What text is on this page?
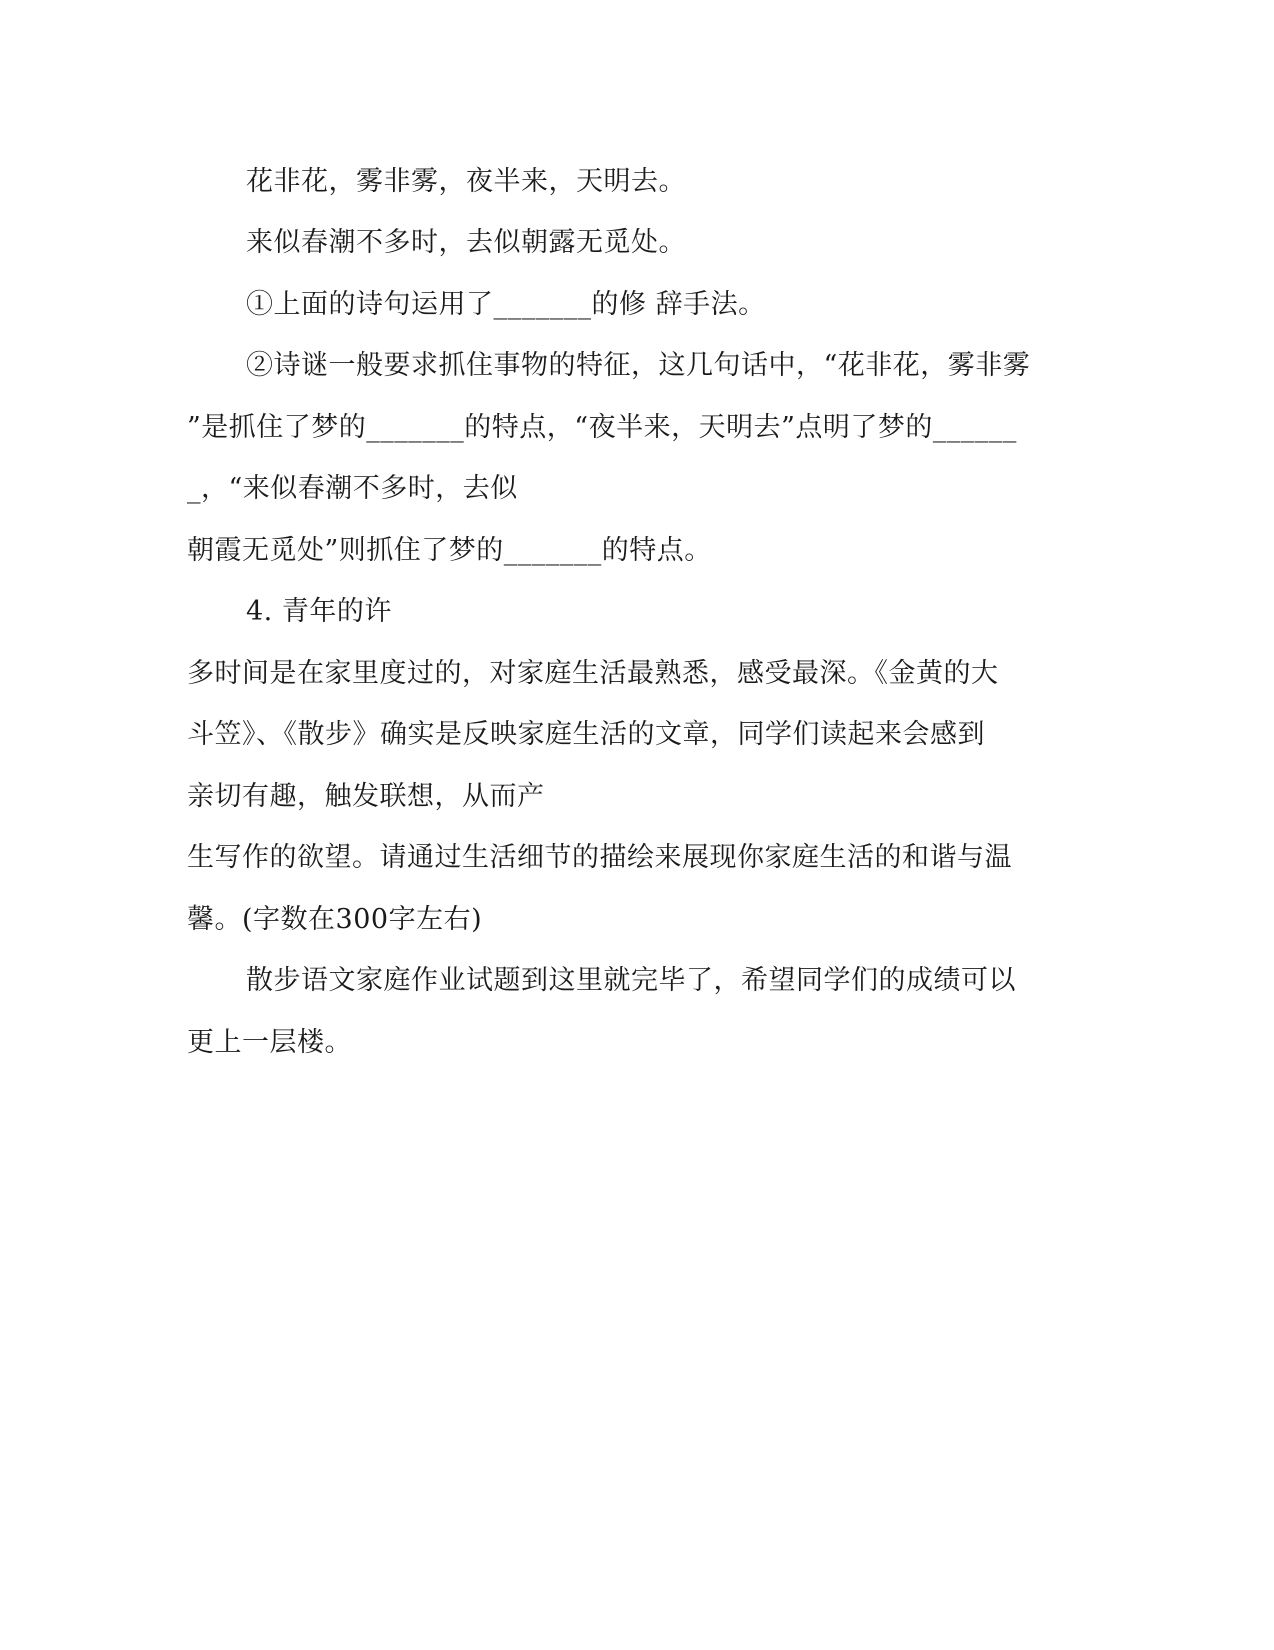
花非花，雾非雾，夜半来，天明去。
来似春潮不多时，去似朝露无觅处。
①上面的诗句运用了_______的修 辞手法。
②诗谜一般要求抓住事物的特征，这几句话中，“花非花，雾非雾
”是抓住了梦的_______的特点，“夜半来，天明去”点明了梦的______
_，“来似春潮不多时，去似
朝霞无觅处”则抓住了梦的_______的特点。
4. 青年的许
多时间是在家里度过的，对家庭生活最熟悉，感受最深。《金黄的大
斗笠》、《散步》确实是反映家庭生活的文章，同学们读起来会感到
亲切有趣，触发联想，从而产
生写作的欲望。请通过生活细节的描绘来展现你家庭生活的和谐与温
馨。(字数在300字左右)
散步语文家庭作业试题到这里就完毕了，希望同学们的成绩可以
更上一层楼。
